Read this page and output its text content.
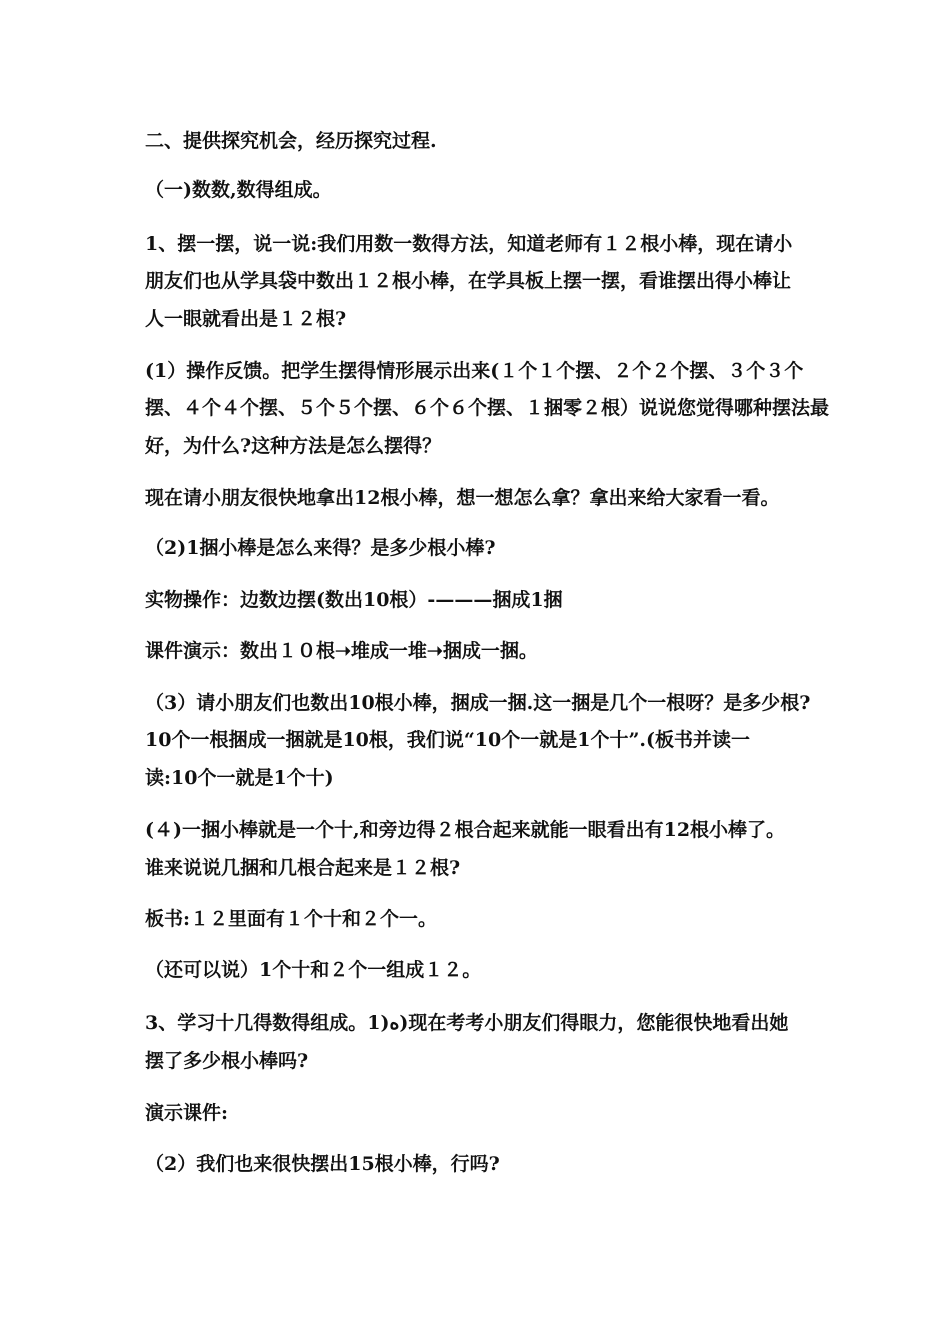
二、提供探究机会，经历探究过程.

（一)数数,数得组成。

1、摆一摆，说一说:我们用数一数得方法，知道老师有１２根小棒，现在请小

朋友们也从学具袋中数出１２根小棒，在学具板上摆一摆，看谁摆出得小棒让

人一眼就看出是１２根?

(1）操作反馈。把学生摆得情形展示出来(１个１个摆、２个２个摆、３个３个

摆、４个４个摆、５个５个摆、６个６个摆、１捆零２根）说说您觉得哪种摆法最

好，为什么?这种方法是怎么摆得？

现在请小朋友很快地拿出12根小棒，想一想怎么拿？拿出来给大家看一看。

（2)1捆小棒是怎么来得？是多少根小棒?

实物操作：边数边摆(数出10根）-———捆成1捆

课件演示：数出１０根➝堆成一堆➝捆成一捆。

（3）请小朋友们也数出10根小棒，捆成一捆.这一捆是几个一根呀？是多少根?

10个一根捆成一捆就是10根，我们说“10个一就是1个十”.(板书并读一

读:10个一就是1个十)

(４)一捆小棒就是一个十,和旁边得２根合起来就能一眼看出有12根小棒了。

谁来说说几捆和几根合起来是１２根?

板书:１２里面有１个十和２个一。

（还可以说）1个十和２个一组成１２。

3、学习十几得数得组成。1)ه)现在考考小朋友们得眼力，您能很快地看出她

摆了多少根小棒吗?

演示课件:

（2）我们也来很快摆出15根小棒，行吗?
